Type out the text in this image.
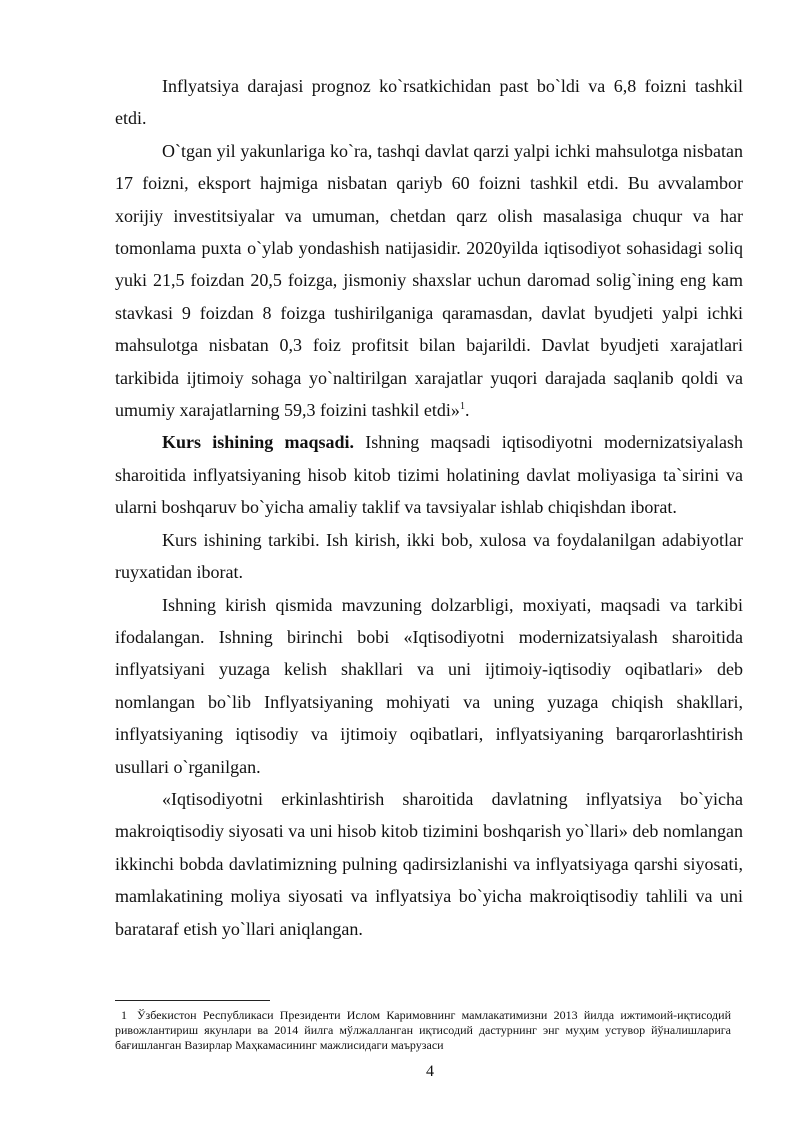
Inflyatsiya darajasi prognoz ko`rsatkichidan past bo`ldi va 6,8 foizni tashkil etdi.

O`tgan yil yakunlariga ko`ra, tashqi davlat qarzi yalpi ichki mahsulotga nisbatan 17 foizni, eksport hajmiga nisbatan qariyb 60 foizni tashkil etdi. Bu avvalambor xorijiy investitsiyalar va umuman, chetdan qarz olish masalasiga chuqur va har tomonlama puxta o`ylab yondashish natijasidir. 2020yilda iqtisodiyot sohasidagi soliq yuki 21,5 foizdan 20,5 foizga, jismoniy shaxslar uchun daromad solig`ining eng kam stavkasi 9 foizdan 8 foizga tushirilganiga qaramasdan, davlat byudjeti yalpi ichki mahsulotga nisbatan 0,3 foiz profitsit bilan bajarildi. Davlat byudjeti xarajatlari tarkibida ijtimoiy sohaga yo`naltirilgan xarajatlar yuqori darajada saqlanib qoldi va umumiy xarajatlarning 59,3 foizini tashkil etdi»$^1$.

Kurs ishining maqsadi. Ishning maqsadi iqtisodiyotni modernizatsiyalash sharoitida inflyatsiyaning hisob kitob tizimi holatining davlat moliyasiga ta`sirini va ularni boshqaruv bo`yicha amaliy taklif va tavsiyalar ishlab chiqishdan iborat.

Kurs ishining tarkibi. Ish kirish, ikki bob, xulosa va foydalanilgan adabiyotlar ruyxatidan iborat.

Ishning kirish qismida mavzuning dolzarbligi, moxiyati, maqsadi va tarkibi ifodalangan. Ishning birinchi bobi «Iqtisodiyotni modernizatsiyalash sharoitida inflyatsiyani yuzaga kelish shakllari va uni ijtimoiy-iqtisodiy oqibatlari» deb nomlangan bo`lib Inflyatsiyaning mohiyati va uning yuzaga chiqish shakllari, inflyatsiyaning iqtisodiy va ijtimoiy oqibatlari, inflyatsiyaning barqarorlashtirish usullari o`rganilgan.

«Iqtisodiyotni erkinlashtirish sharoitida davlatning inflyatsiya bo`yicha makroiqtisodiy siyosati va uni hisob kitob tizimini boshqarish yo`llari» deb nomlangan ikkinchi bobda davlatimizning pulning qadirsizlanishi va inflyatsiyaga qarshi siyosati, mamlakatining moliya siyosati va inflyatsiya bo`yicha makroiqtisodiy tahlili va uni barataraf etish yo`llari aniqlangan.

1 Ўзбекистон Республикаси Президенти Ислом Каримовнинг мамлакатимизни 2013 йилда ижтимоий-иқтисодий ривожлантириш якунлари ва 2014 йилга мўлжалланган иқтисодий дастурнинг энг муҳим устувор йўналишларига бағишланган Вазирлар Маҳкамасининг мажлисидаги маърузаси
4
